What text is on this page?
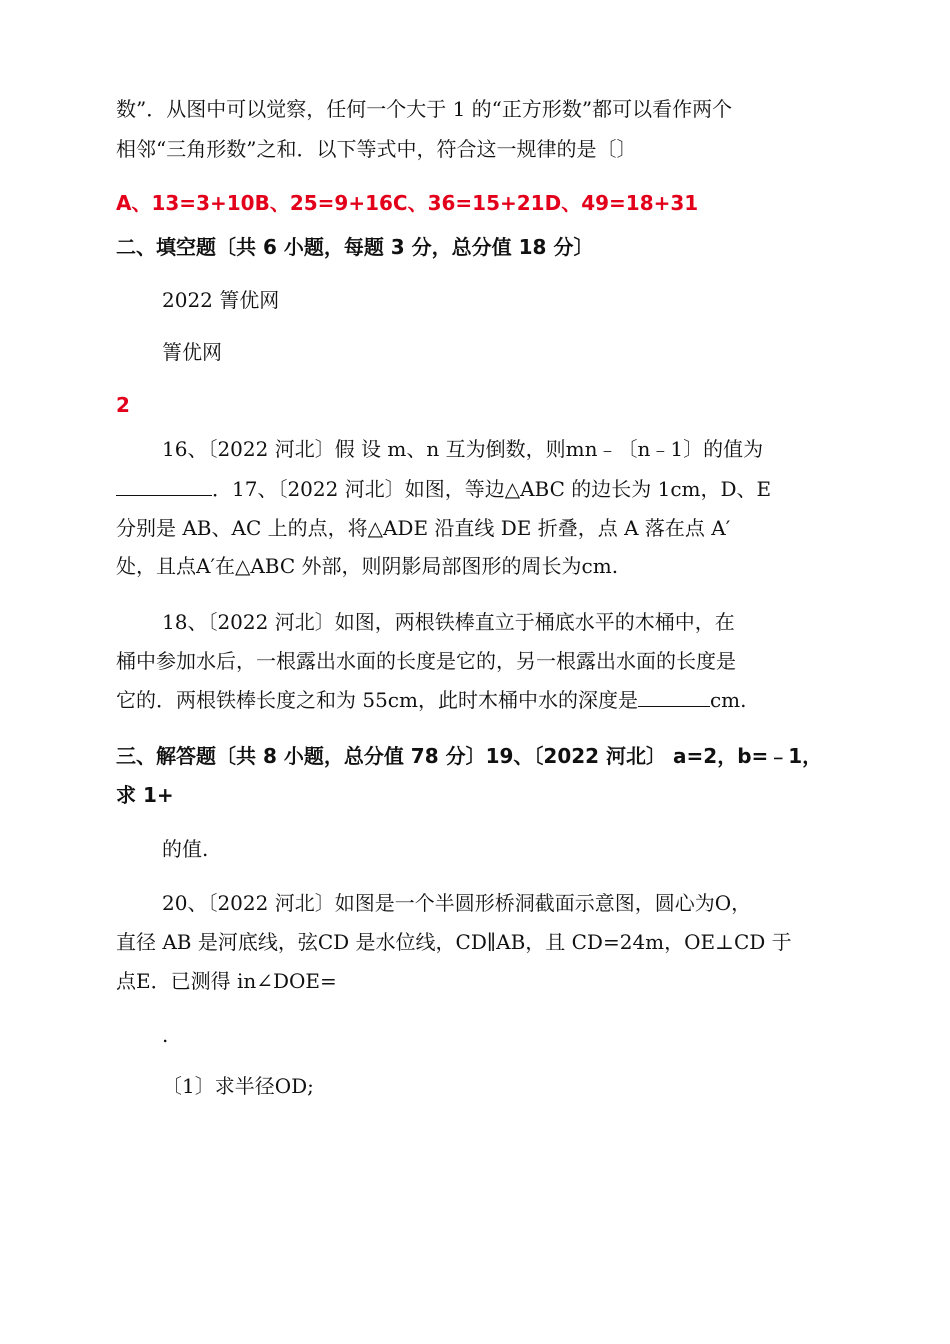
数”．从图中可以觉察，任何一个大于 1 的“正方形数”都可以看作两个
相邻“三角形数”之和．以下等式中，符合这一规律的是〔〕
A、13=3+10B、25=9+16C、36=15+21D、49=18+31
二、填空题〔共 6 小题，每题 3 分，总分值 18 分〕
2022 箐优网
箐优网
2
16、〔2022 河北〕假 设 m、n 互为倒数，则mn﹣〔n﹣1〕的值为
．17、〔2022 河北〕如图，等边△ABC 的边长为 1cm，D、E
分别是 AB、AC 上的点，将△ADE 沿直线 DE 折叠，点 A 落在点 A′
处，且点A′在△ABC 外部，则阴影局部图形的周长为cm.
18、〔2022 河北〕如图，两根铁棒直立于桶底水平的木桶中，在
桶中参加水后，一根露出水面的长度是它的，另一根露出水面的长度是
它的．两根铁棒长度之和为 55cm，此时木桶中水的深度是	cm.
三、解答题〔共 8 小题，总分值 78 分〕19、〔2022 河北〕 a=2，b=﹣1，
求 1+
的值.
20、〔2022 河北〕如图是一个半圆形桥洞截面示意图，圆心为O，
直径 AB 是河底线，弦CD 是水位线，CD∥AB，且 CD=24m，OE⊥CD 于
点E．已测得 in∠DOE=
.
〔1〕求半径OD;
